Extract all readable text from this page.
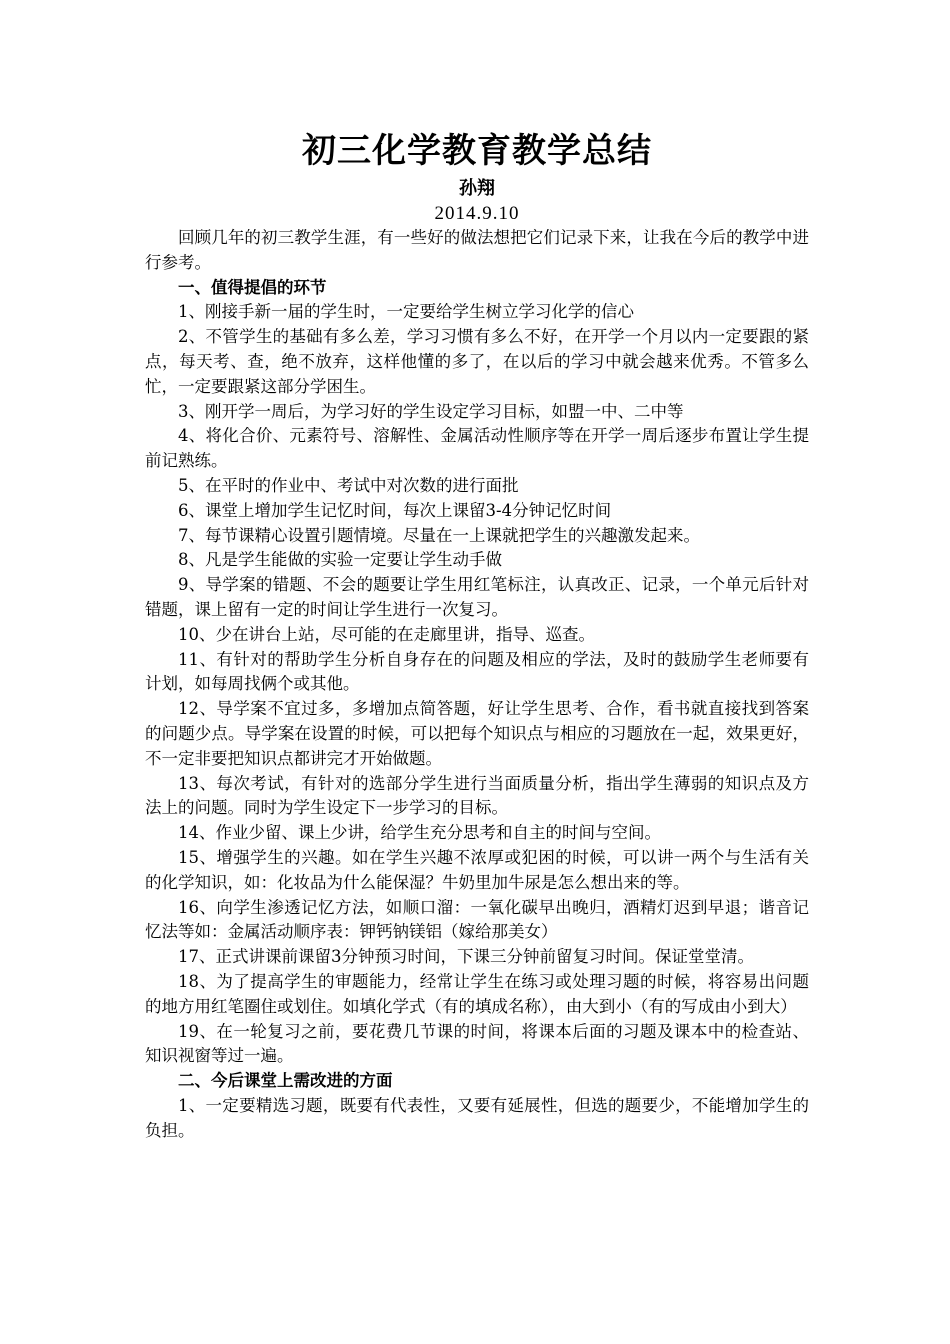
初三化学教育教学总结
孙翔
2014.9.10

回顾几年的初三教学生涯，有一些好的做法想把它们记录下来，让我在今后的教学中进行参考。

一、值得提倡的环节

1、刚接手新一届的学生时，一定要给学生树立学习化学的信心

2、不管学生的基础有多么差，学习习惯有多么不好，在开学一个月以内一定要跟的紧点，每天考、查，绝不放弃，这样他懂的多了，在以后的学习中就会越来优秀。不管多么忙，一定要跟紧这部分学困生。

3、刚开学一周后，为学习好的学生设定学习目标，如盟一中、二中等

4、将化合价、元素符号、溶解性、金属活动性顺序等在开学一周后逐步布置让学生提前记熟练。

5、在平时的作业中、考试中对次数的进行面批

6、课堂上增加学生记忆时间，每次上课留3-4分钟记忆时间

7、每节课精心设置引题情境。尽量在一上课就把学生的兴趣激发起来。

8、凡是学生能做的实验一定要让学生动手做

9、导学案的错题、不会的题要让学生用红笔标注，认真改正、记录，一个单元后针对错题，课上留有一定的时间让学生进行一次复习。

10、少在讲台上站，尽可能的在走廊里讲，指导、巡查。

11、有针对的帮助学生分析自身存在的问题及相应的学法，及时的鼓励学生老师要有计划，如每周找俩个或其他。

12、导学案不宜过多，多增加点简答题，好让学生思考、合作，看书就直接找到答案的问题少点。导学案在设置的时候，可以把每个知识点与相应的习题放在一起，效果更好，不一定非要把知识点都讲完才开始做题。

13、每次考试，有针对的选部分学生进行当面质量分析，指出学生薄弱的知识点及方法上的问题。同时为学生设定下一步学习的目标。

14、作业少留、课上少讲，给学生充分思考和自主的时间与空间。

15、增强学生的兴趣。如在学生兴趣不浓厚或犯困的时候，可以讲一两个与生活有关的化学知识，如：化妆品为什么能保湿？牛奶里加牛尿是怎么想出来的等。

16、向学生渗透记忆方法，如顺口溜：一氧化碳早出晚归，酒精灯迟到早退；谐音记忆法等如：金属活动顺序表：钾钙钠镁铝（嫁给那美女）

17、正式讲课前课留3分钟预习时间，下课三分钟前留复习时间。保证堂堂清。

18、为了提高学生的审题能力，经常让学生在练习或处理习题的时候，将容易出问题的地方用红笔圈住或划住。如填化学式（有的填成名称），由大到小（有的写成由小到大）

19、在一轮复习之前，要花费几节课的时间，将课本后面的习题及课本中的检查站、知识视窗等过一遍。

二、今后课堂上需改进的方面

1、一定要精选习题，既要有代表性，又要有延展性，但选的题要少，不能增加学生的负担。
